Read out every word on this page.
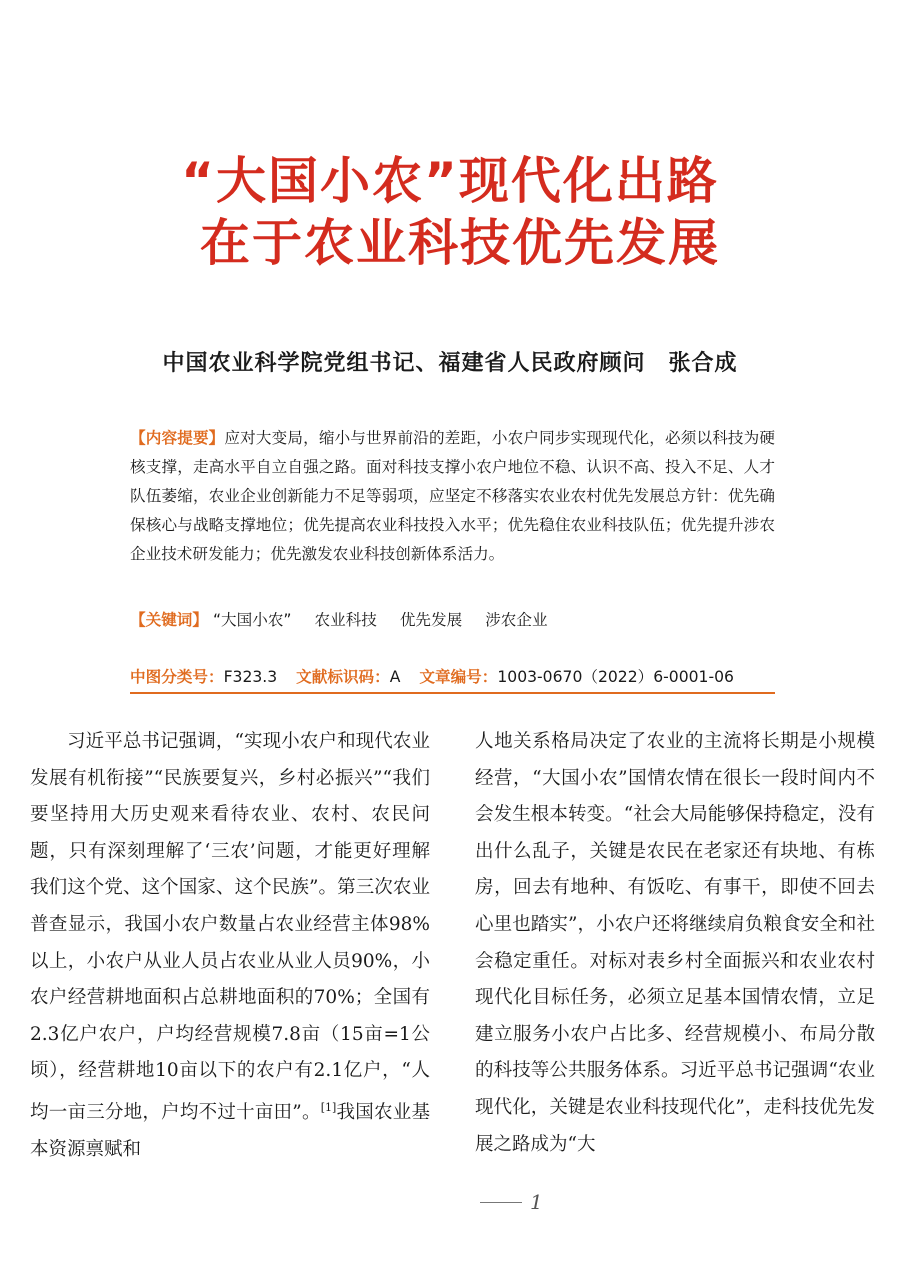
“大国小农”现代化出路
在于农业科技优先发展
中国农业科学院党组书记、福建省人民政府顾问　张合成
【内容提要】应对大变局，缩小与世界前沿的差距，小农户同步实现现代化，必须以科技为硬核支撑，走高水平自立自强之路。面对科技支撑小农户地位不稳、认识不高、投入不足、人才队伍萎缩，农业企业创新能力不足等弱项，应坚定不移落实农业农村优先发展总方针：优先确保核心与战略支撑地位；优先提高农业科技投入水平；优先稳住农业科技队伍；优先提升涉农企业技术研发能力；优先激发农业科技创新体系活力。
【关键词】 “大国小农” 农业科技 优先发展 涉农企业
中图分类号：F323.3 文献标识码：A 文章编号：1003-0670（2022）6-0001-06
习近平总书记强调，“实现小农户和现代农业发展有机衔接”“民族要复兴，乡村必振兴”“我们要坚持用大历史观来看待农业、农村、农民问题，只有深刻理解了‘三农’问题，才能更好理解我们这个党、这个国家、这个民族”。第三次农业普查显示，我国小农户数量占农业经营主体98%以上，小农户从业人员占农业从业人员90%，小农户经营耕地面积占总耕地面积的70%；全国有2.3亿户农户，户均经营规模7.8亩（15亩=1公顷），经营耕地10亩以下的农户有2.1亿户，“人均一亩三分地，户均不过十亩田”。[1]我国农业基本资源禀赋和
人地关系格局决定了农业的主流将长期是小规模经营，“大国小农”国情农情在很长一段时间内不会发生根本转变。“社会大局能够保持稳定，没有出什么乱子，关键是农民在老家还有块地、有栋房，回去有地种、有饭吃、有事干，即使不回去心里也踏实”，小农户还将继续肩负粮食安全和社会稳定重任。对标对表乡村全面振兴和农业农村现代化目标任务，必须立足基本国情农情，立足建立服务小农户占比多、经营规模小、布局分散的科技等公共服务体系。习近平总书记强调“农业现代化，关键是农业科技现代化”，走科技优先发展之路成为“大
1
